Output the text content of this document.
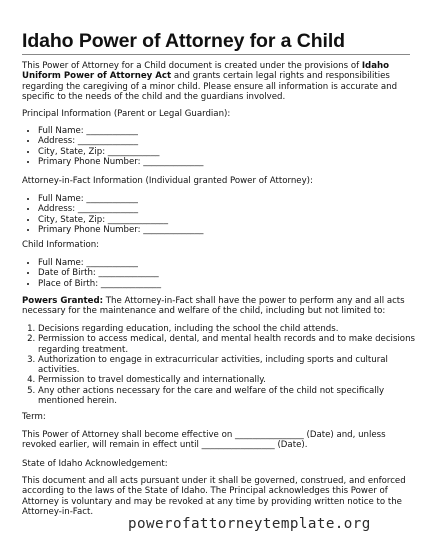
Idaho Power of Attorney for a Child
This Power of Attorney for a Child document is created under the provisions of Idaho Uniform Power of Attorney Act and grants certain legal rights and responsibilities regarding the caregiving of a minor child. Please ensure all information is accurate and specific to the needs of the child and the guardians involved.
Principal Information (Parent or Legal Guardian):
• Full Name: ____________
• Address: ______________
• City, State, Zip: ____________
• Primary Phone Number: ______________
Attorney-in-Fact Information (Individual granted Power of Attorney):
• Full Name: ____________
• Address: ______________
• City, State, Zip: ______________
• Primary Phone Number: ______________
Child Information:
• Full Name: ____________
• Date of Birth: ______________
• Place of Birth: ______________
Powers Granted: The Attorney-in-Fact shall have the power to perform any and all acts necessary for the maintenance and welfare of the child, including but not limited to:
1. Decisions regarding education, including the school the child attends.
2. Permission to access medical, dental, and mental health records and to make decisions regarding treatment.
3. Authorization to engage in extracurricular activities, including sports and cultural activities.
4. Permission to travel domestically and internationally.
5. Any other actions necessary for the care and welfare of the child not specifically mentioned herein.
Term:
This Power of Attorney shall become effective on ________________ (Date) and, unless revoked earlier, will remain in effect until _________________ (Date).
State of Idaho Acknowledgement:
This document and all acts pursuant under it shall be governed, construed, and enforced according to the laws of the State of Idaho. The Principal acknowledges this Power of Attorney is voluntary and may be revoked at any time by providing written notice to the Attorney-in-Fact.
powerofattorneytemplate.org
